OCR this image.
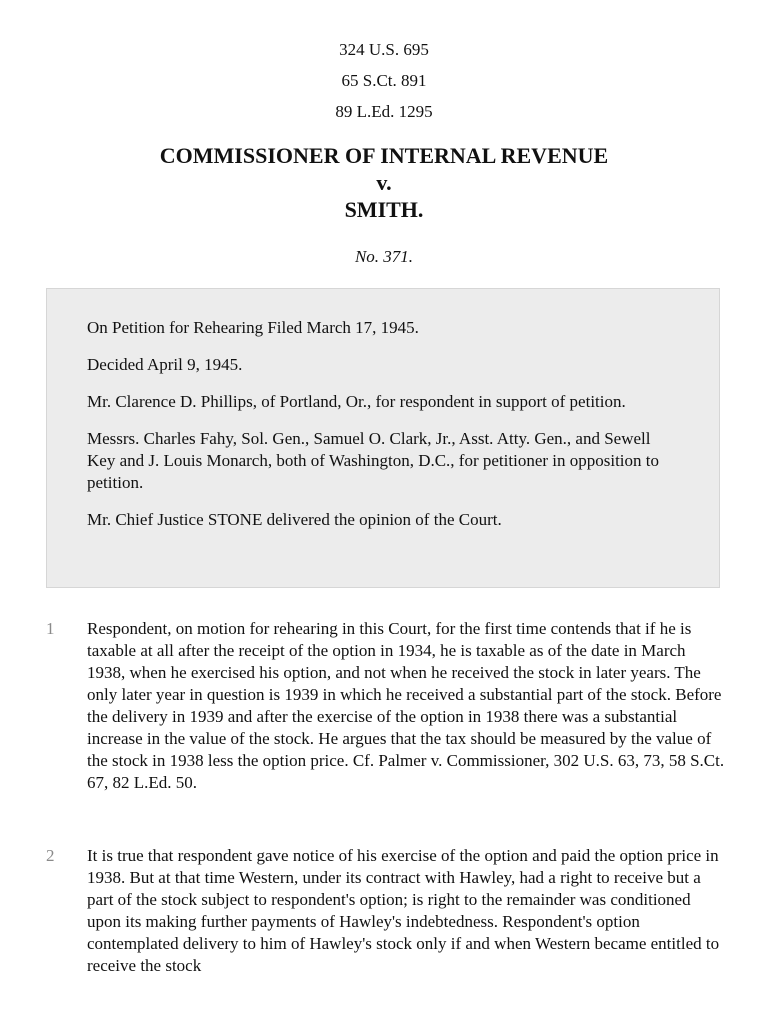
324 U.S. 695
65 S.Ct. 891
89 L.Ed. 1295
COMMISSIONER OF INTERNAL REVENUE
v.
SMITH.
No. 371.

On Petition for Rehearing Filed March 17, 1945.

Decided April 9, 1945.

Mr. Clarence D. Phillips, of Portland, Or., for respondent in support of petition.

Messrs. Charles Fahy, Sol. Gen., Samuel O. Clark, Jr., Asst. Atty. Gen., and Sewell Key and J. Louis Monarch, both of Washington, D.C., for petitioner in opposition to petition.

Mr. Chief Justice STONE delivered the opinion of the Court.

1	Respondent, on motion for rehearing in this Court, for the first time contends that if he is taxable at all after the receipt of the option in 1934, he is taxable as of the date in March 1938, when he exercised his option, and not when he received the stock in later years. The only later year in question is 1939 in which he received a substantial part of the stock. Before the delivery in 1939 and after the exercise of the option in 1938 there was a substantial increase in the value of the stock. He argues that the tax should be measured by the value of the stock in 1938 less the option price. Cf. Palmer v. Commissioner, 302 U.S. 63, 73, 58 S.Ct. 67, 82 L.Ed. 50.

2	It is true that respondent gave notice of his exercise of the option and paid the option price in 1938. But at that time Western, under its contract with Hawley, had a right to receive but a part of the stock subject to respondent's option; is right to the remainder was conditioned upon its making further payments of Hawley's indebtedness. Respondent's option contemplated delivery to him of Hawley's stock only if and when Western became entitled to receive the stock
